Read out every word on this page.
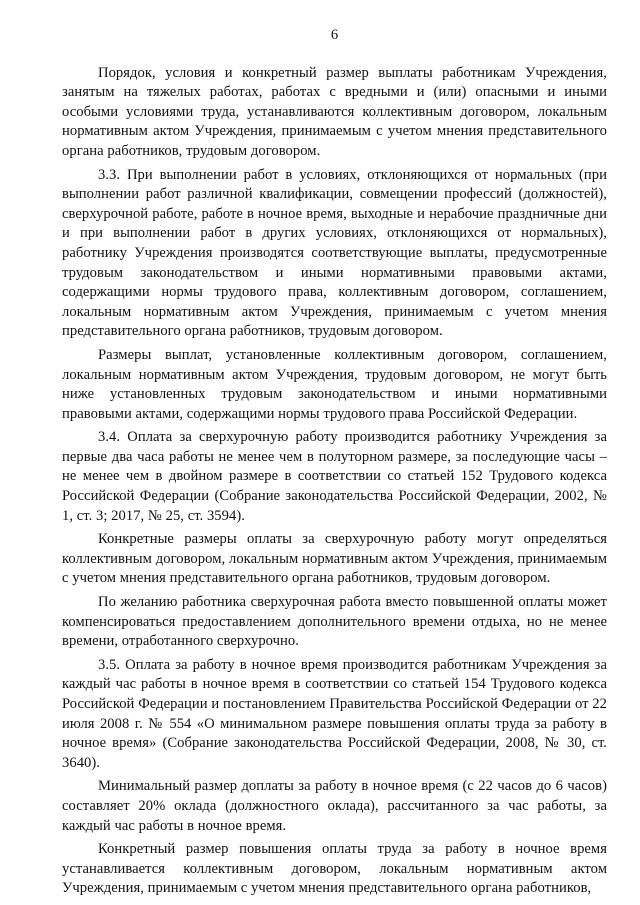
6

Порядок, условия и конкретный размер выплаты работникам Учреждения, занятым на тяжелых работах, работах с вредными и (или) опасными и иными особыми условиями труда, устанавливаются коллективным договором, локальным нормативным актом Учреждения, принимаемым с учетом мнения представительного органа работников, трудовым договором.

3.3. При выполнении работ в условиях, отклоняющихся от нормальных (при выполнении работ различной квалификации, совмещении профессий (должностей), сверхурочной работе, работе в ночное время, выходные и нерабочие праздничные дни и при выполнении работ в других условиях, отклоняющихся от нормальных), работнику Учреждения производятся соответствующие выплаты, предусмотренные трудовым законодательством и иными нормативными правовыми актами, содержащими нормы трудового права, коллективным договором, соглашением, локальным нормативным актом Учреждения, принимаемым с учетом мнения представительного органа работников, трудовым договором.

Размеры выплат, установленные коллективным договором, соглашением, локальным нормативным актом Учреждения, трудовым договором, не могут быть ниже установленных трудовым законодательством и иными нормативными правовыми актами, содержащими нормы трудового права Российской Федерации.

3.4. Оплата за сверхурочную работу производится работнику Учреждения за первые два часа работы не менее чем в полуторном размере, за последующие часы – не менее чем в двойном размере в соответствии со статьей 152 Трудового кодекса Российской Федерации (Собрание законодательства Российской Федерации, 2002, № 1, ст. 3; 2017, № 25, ст. 3594).

Конкретные размеры оплаты за сверхурочную работу могут определяться коллективным договором, локальным нормативным актом Учреждения, принимаемым с учетом мнения представительного органа работников, трудовым договором.

По желанию работника сверхурочная работа вместо повышенной оплаты может компенсироваться предоставлением дополнительного времени отдыха, но не менее времени, отработанного сверхурочно.

3.5. Оплата за работу в ночное время производится работникам Учреждения за каждый час работы в ночное время в соответствии со статьей 154 Трудового кодекса Российской Федерации и постановлением Правительства Российской Федерации от 22 июля 2008 г. № 554 «О минимальном размере повышения оплаты труда за работу в ночное время» (Собрание законодательства Российской Федерации, 2008, № 30, ст. 3640).

Минимальный размер доплаты за работу в ночное время (с 22 часов до 6 часов) составляет 20% оклада (должностного оклада), рассчитанного за час работы, за каждый час работы в ночное время.

Конкретный размер повышения оплаты труда за работу в ночное время устанавливается коллективным договором, локальным нормативным актом Учреждения, принимаемым с учетом мнения представительного органа работников,
